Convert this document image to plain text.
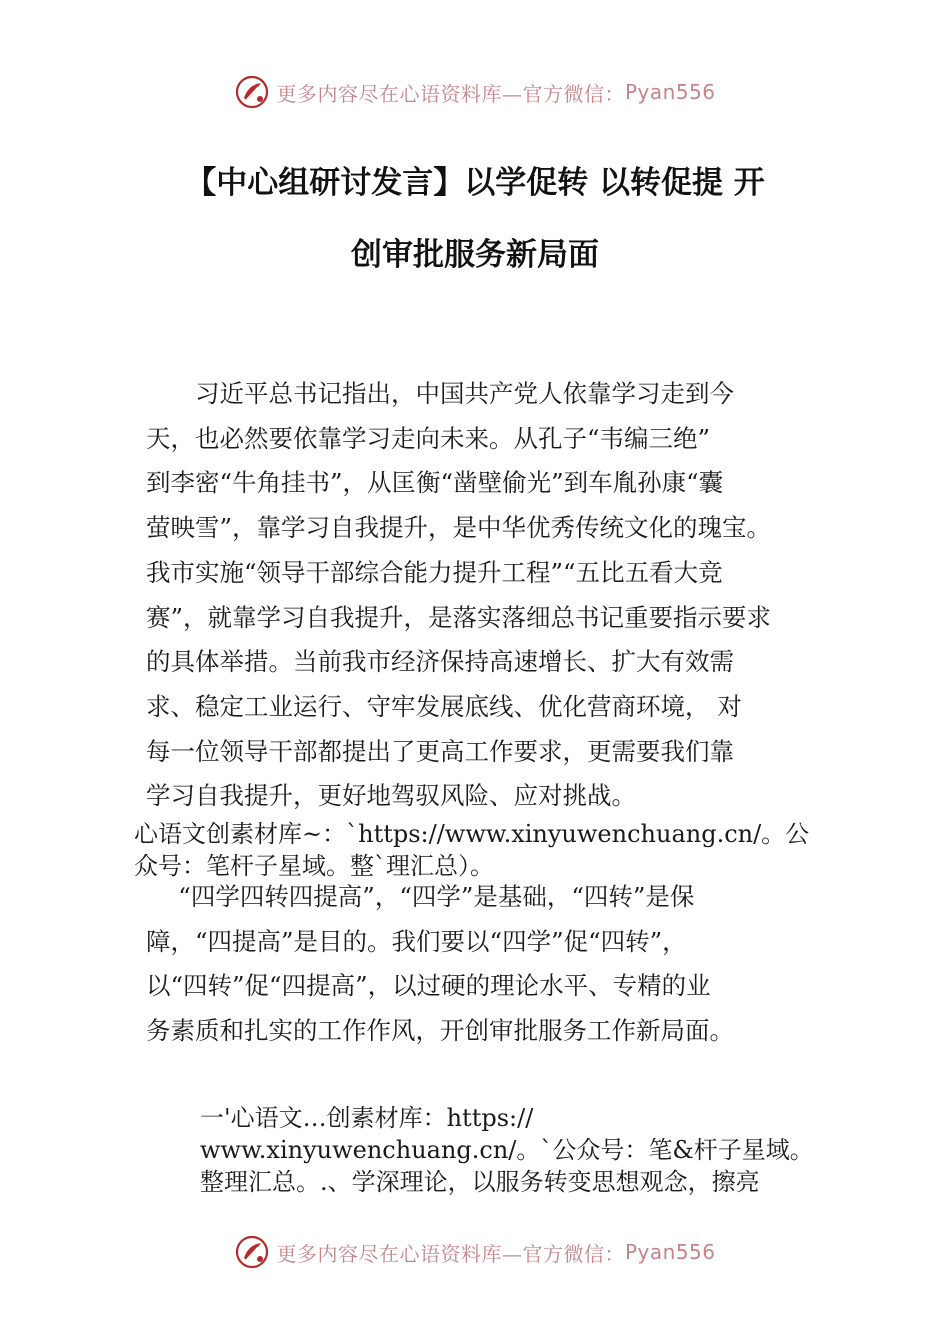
更多内容尽在心语资料库—官方微信： Pyan556
【中心组研讨发言】以学促转 以转促提 开
创审批服务新局面
　　习近平总书记指出，中国共产党人依靠学习走到今
天，也必然要依靠学习走向未来。从孔子“韦编三绝”
到李密“牛角挂书”，从匡衡“凿壁偷光”到车胤孙康“囊
萤映雪”，靠学习自我提升，是中华优秀传统文化的瑰宝。
我市实施“领导干部综合能力提升工程”“五比五看大竞
赛”，就靠学习自我提升，是落实落细总书记重要指示要求
的具体举措。当前我市经济保持高速增长、扩大有效需
求、稳定工业运行、守牢发展底线、优化营商环境， 对
每一位领导干部都提出了更高工作要求，更需要我们靠
学习自我提升，更好地驾驭风险、应对挑战。
心语文创素材库~：`https://www.xinyuwenchuang.cn/。公
众号：笔杆子星域。整`理汇总）。
　 “四学四转四提高”，“四学”是基础，“四转”是保
障，“四提高”是目的。我们要以“四学”促“四转”，
以“四转”促“四提高”，以过硬的理论水平、专精的业
务素质和扎实的工作作风，开创审批服务工作新局面。
一'心语文…创素材库：https://
www.xinyuwenchuang.cn/。`公众号：笔&杆子星域。
整理汇总。.、学深理论，以服务转变思想观念，擦亮
更多内容尽在心语资料库—官方微信： Pyan556
